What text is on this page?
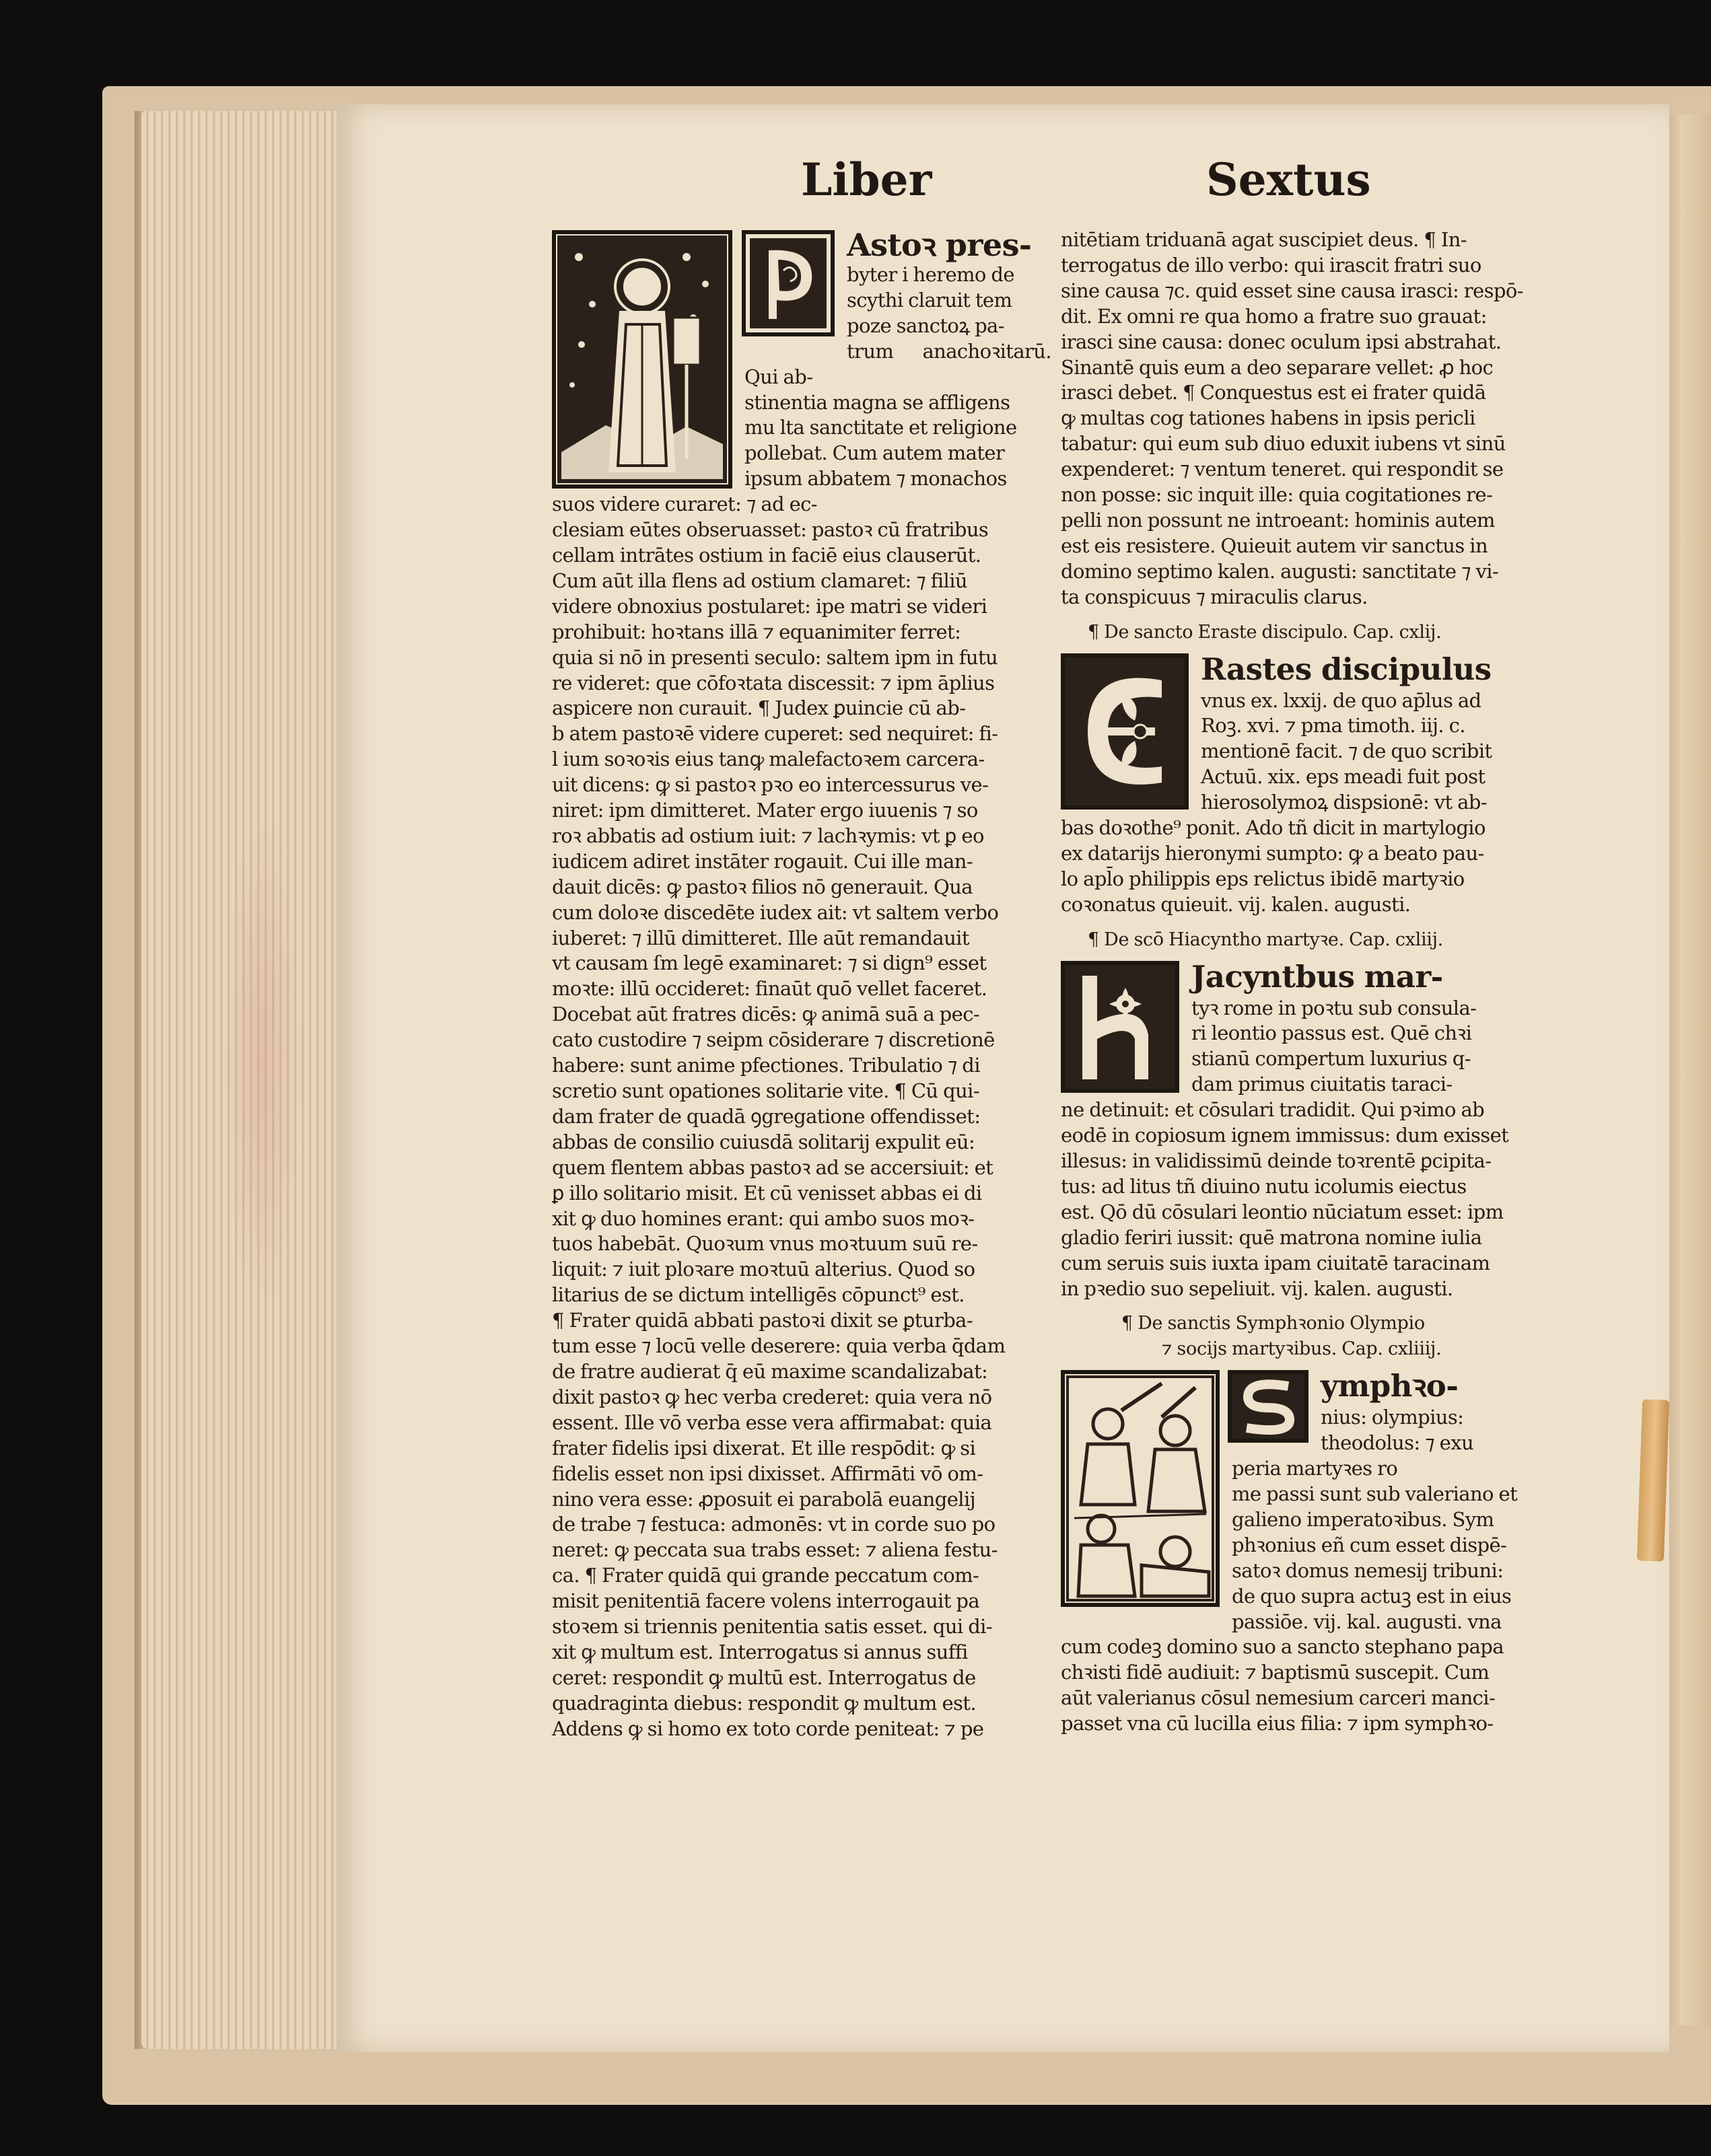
Liber	Sextus

Astoꝛ pres-

byter i heremo de

scythi claruit tem

poze sanctoꝝ pa-

trum anachoꝛitarū. Qui ab-

stinentia magna se affligens

mu lta sanctitate et religione

pollebat. Cum autem mater

ipsum abbatem ⁊ monachos

suos videre curaret: ⁊ ad ec-

clesiam eūtes obseruasset: pastoꝛ cū fratribus

cellam intrātes ostium in faciē eius clauserūt.

Cum aūt illa flens ad ostium clamaret: ⁊ filiū

videre obnoxius postularet: ipe matri se videri

prohibuit: hoꝛtans illā ⁊ equanimiter ferret:

quia si nō in presenti seculo: saltem ipm in futu

re videret: que cōfoꝛtata discessit: ⁊ ipm āplius

aspicere non curauit. ¶ Judex ꝑuincie cū ab-

b atem pastoꝛē videre cuperet: sed nequiret: fi-

l ium soꝛoꝛis eius tanꝙ malefactoꝛem carcera-

uit dicens: ꝙ si pastoꝛ pꝛo eo intercessurus ve-

niret: ipm dimitteret. Mater ergo iuuenis ⁊ so

roꝛ abbatis ad ostium iuit: ⁊ lachꝛymis: vt ꝑ eo

iudicem adiret instāter rogauit. Cui ille man-

dauit dicēs: ꝙ pastoꝛ filios nō generauit. Qua

cum doloꝛe discedēte iudex ait: vt saltem verbo

iuberet: ⁊ illū dimitteret. Ille aūt remandauit

vt causam ſm legē examinaret: ⁊ si dign⁹ esset

moꝛte: illū occideret: finaūt quō vellet faceret.

Docebat aūt fratres dicēs: ꝙ animā suā a pec-

cato custodire ⁊ seipm cōsiderare ⁊ discretionē

habere: sunt anime pfectiones. Tribulatio ⁊ di

scretio sunt opationes solitarie vite. ¶ Cū qui-

dam frater de quadā ꝯgregatione offendisset:

abbas de consilio cuiusdā solitarij expulit eū:

quem flentem abbas pastoꝛ ad se accersiuit: et

ꝑ illo solitario misit. Et cū venisset abbas ei di

xit ꝙ duo homines erant: qui ambo suos moꝛ-

tuos habebāt. Quoꝛum vnus moꝛtuum suū re-

liquit: ⁊ iuit ploꝛare moꝛtuū alterius. Quod so

litarius de se dictum intelligēs cōpunct⁹ est.

¶ Frater quidā abbati pastoꝛi dixit se ꝑturba-

tum esse ⁊ locū velle deserere: quia verba q̄dam

de fratre audierat q̄ eū maxime scandalizabat:

dixit pastoꝛ ꝙ hec verba crederet: quia vera nō

essent. Ille vō verba esse vera affirmabat: quia

frater fidelis ipsi dixerat. Et ille respōdit: ꝙ si

fidelis esset non ipsi dixisset. Affirmāti vō om-

nino vera esse: ꝓposuit ei parabolā euangelij

de trabe ⁊ festuca: admonēs: vt in corde suo po

neret: ꝙ peccata sua trabs esset: ⁊ aliena festu-

ca. ¶ Frater quidā qui grande peccatum com-

misit penitentiā facere volens interrogauit pa

stoꝛem si triennis penitentia satis esset. qui di-

xit ꝙ multum est. Interrogatus si annus suffi

ceret: respondit ꝙ multū est. Interrogatus de

quadraginta diebus: respondit ꝙ multum est.

Addens ꝙ si homo ex toto corde peniteat: ⁊ pe

nitētiam triduanā agat suscipiet deus. ¶ In-

terrogatus de illo verbo: qui irascit fratri suo

sine causa ⁊c. quid esset sine causa irasci: respō-

dit. Ex omni re qua homo a fratre suo grauat:

irasci sine causa: donec oculum ipsi abstrahat.

Sinantē quis eum a deo separare vellet: ꝓ hoc

irasci debet. ¶ Conquestus est ei frater quidā

ꝙ multas cog tationes habens in ipsis pericli

tabatur: qui eum sub diuo eduxit iubens vt sinū

expenderet: ⁊ ventum teneret. qui respondit se

non posse: sic inquit ille: quia cogitationes re-

pelli non possunt ne introeant: hominis autem

est eis resistere. Quieuit autem vir sanctus in

domino septimo kalen. augusti: sanctitate ⁊ vi-

ta conspicuus ⁊ miraculis clarus.

¶ De sancto Eraste discipulo. Cap. cxlij.

Rastes discipulus

vnus ex. lxxij. de quo ap̄lus ad

Roꝫ. xvi. ⁊ pma timoth. iij. c.

mentionē facit. ⁊ de quo scribit

Actuū. xix. eps meadi fuit post

hierosolymoꝝ dispsionē: vt ab-

bas doꝛothe⁹ ponit. Ado tñ dicit in martylogio

ex datarijs hieronymi sumpto: ꝙ a beato pau-

lo apl̄o philippis eps relictus ibidē martyꝛio

coꝛonatus quieuit. vij. kalen. augusti.

¶ De scō Hiacyntho martyꝛe. Cap. cxliij.

Jacyntbus mar-

tyꝛ rome in poꝛtu sub consula-

ri leontio passus est. Quē chꝛi

stianū compertum luxurius q-

dam primus ciuitatis taraci-

ne detinuit: et cōsulari tradidit. Qui pꝛimo ab

eodē in copiosum ignem immissus: dum exisset

illesus: in validissimū deinde toꝛrentē ꝑcipita-

tus: ad litus tñ diuino nutu icolumis eiectus

est. Qō dū cōsulari leontio nūciatum esset: ipm

gladio feriri iussit: quē matrona nomine iulia

cum seruis suis iuxta ipam ciuitatē taracinam

in pꝛedio suo sepeliuit. vij. kalen. augusti.

¶ De sanctis Symphꝛonio Olympio

⁊ socijs martyꝛibus. Cap. cxliiij.

ymphꝛo-

nius: olympius:

theodolus: ⁊ exu

peria martyꝛes ro

me passi sunt sub valeriano et

galieno imperatoꝛibus. Sym

phꝛonius eñ cum esset dispē-

satoꝛ domus nemesij tribuni:

de quo supra actuꝫ est in eius

passiōe. vij. kal. augusti. vna

cum codeꝫ domino suo a sancto stephano papa

chꝛisti fidē audiuit: ⁊ baptismū suscepit. Cum

aūt valerianus cōsul nemesium carceri manci-

passet vna cū lucilla eius filia: ⁊ ipm symphꝛo-
